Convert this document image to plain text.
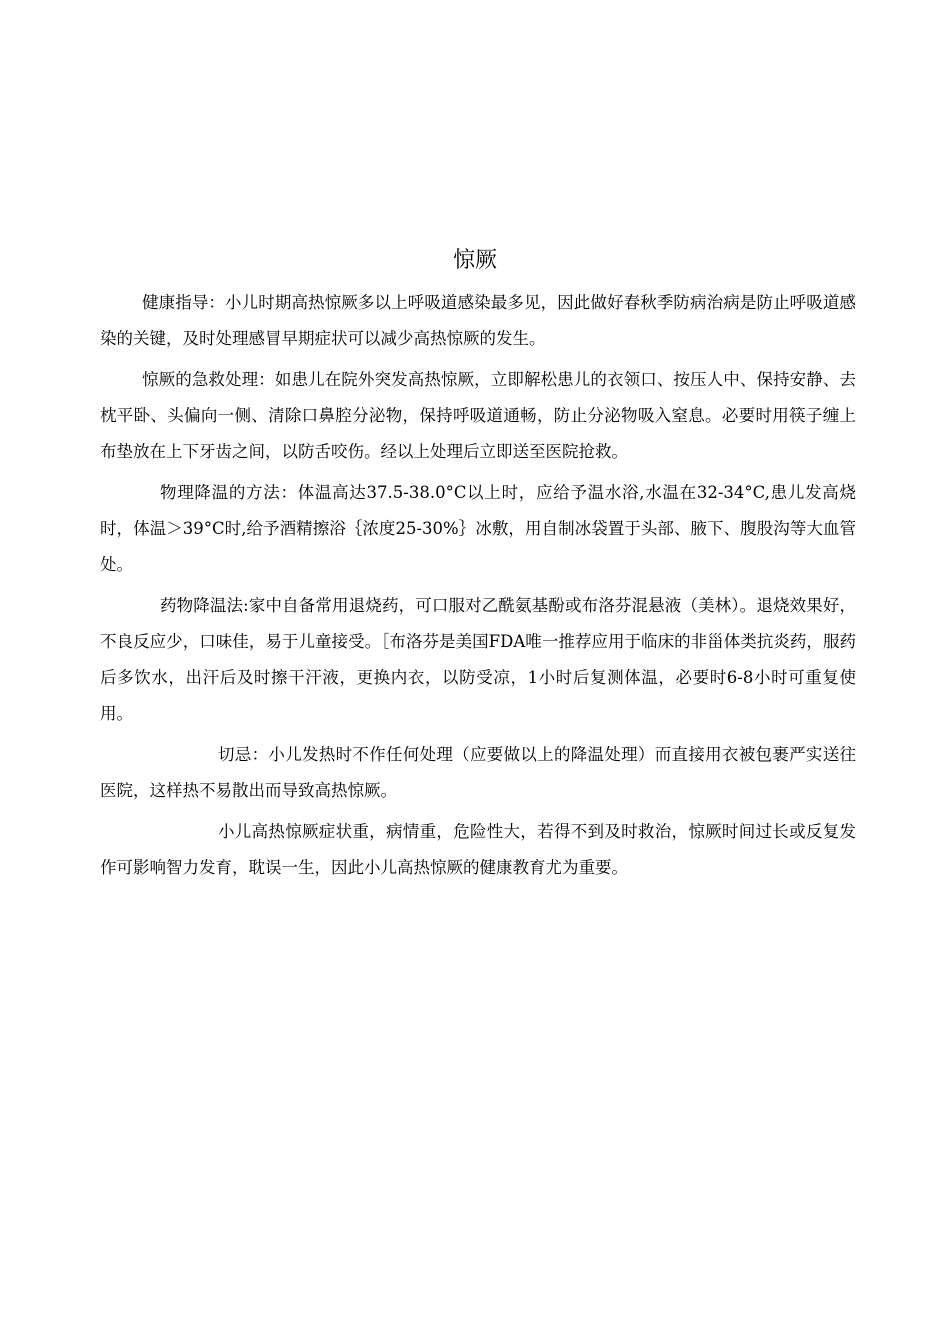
惊厥

健康指导：小儿时期高热惊厥多以上呼吸道感染最多见，因此做好春秋季防病治病是防止呼吸道感染的关键，及时处理感冒早期症状可以减少高热惊厥的发生。

惊厥的急救处理：如患儿在院外突发高热惊厥，立即解松患儿的衣领口、按压人中、保持安静、去枕平卧、头偏向一侧、清除口鼻腔分泌物，保持呼吸道通畅，防止分泌物吸入窒息。必要时用筷子缠上布垫放在上下牙齿之间，以防舌咬伤。经以上处理后立即送至医院抢救。

物理降温的方法：体温高达37.5-38.0°C以上时，应给予温水浴,水温在32-34°C,患儿发高烧时，体温＞39°C时,给予酒精擦浴｛浓度25-30%｝冰敷，用自制冰袋置于头部、腋下、腹股沟等大血管处。

药物降温法:家中自备常用退烧药，可口服对乙酰氨基酚或布洛芬混悬液（美林）。退烧效果好，不良反应少，口味佳，易于儿童接受。［布洛芬是美国FDA唯一推荐应用于临床的非甾体类抗炎药，服药后多饮水，出汗后及时擦干汗液，更换内衣，以防受凉，1小时后复测体温，必要时6-8小时可重复使用。

切忌：小儿发热时不作任何处理（应要做以上的降温处理）而直接用衣被包裹严实送往医院，这样热不易散出而导致高热惊厥。

小儿高热惊厥症状重，病情重，危险性大，若得不到及时救治，惊厥时间过长或反复发作可影响智力发育，耽误一生，因此小儿高热惊厥的健康教育尤为重要。
